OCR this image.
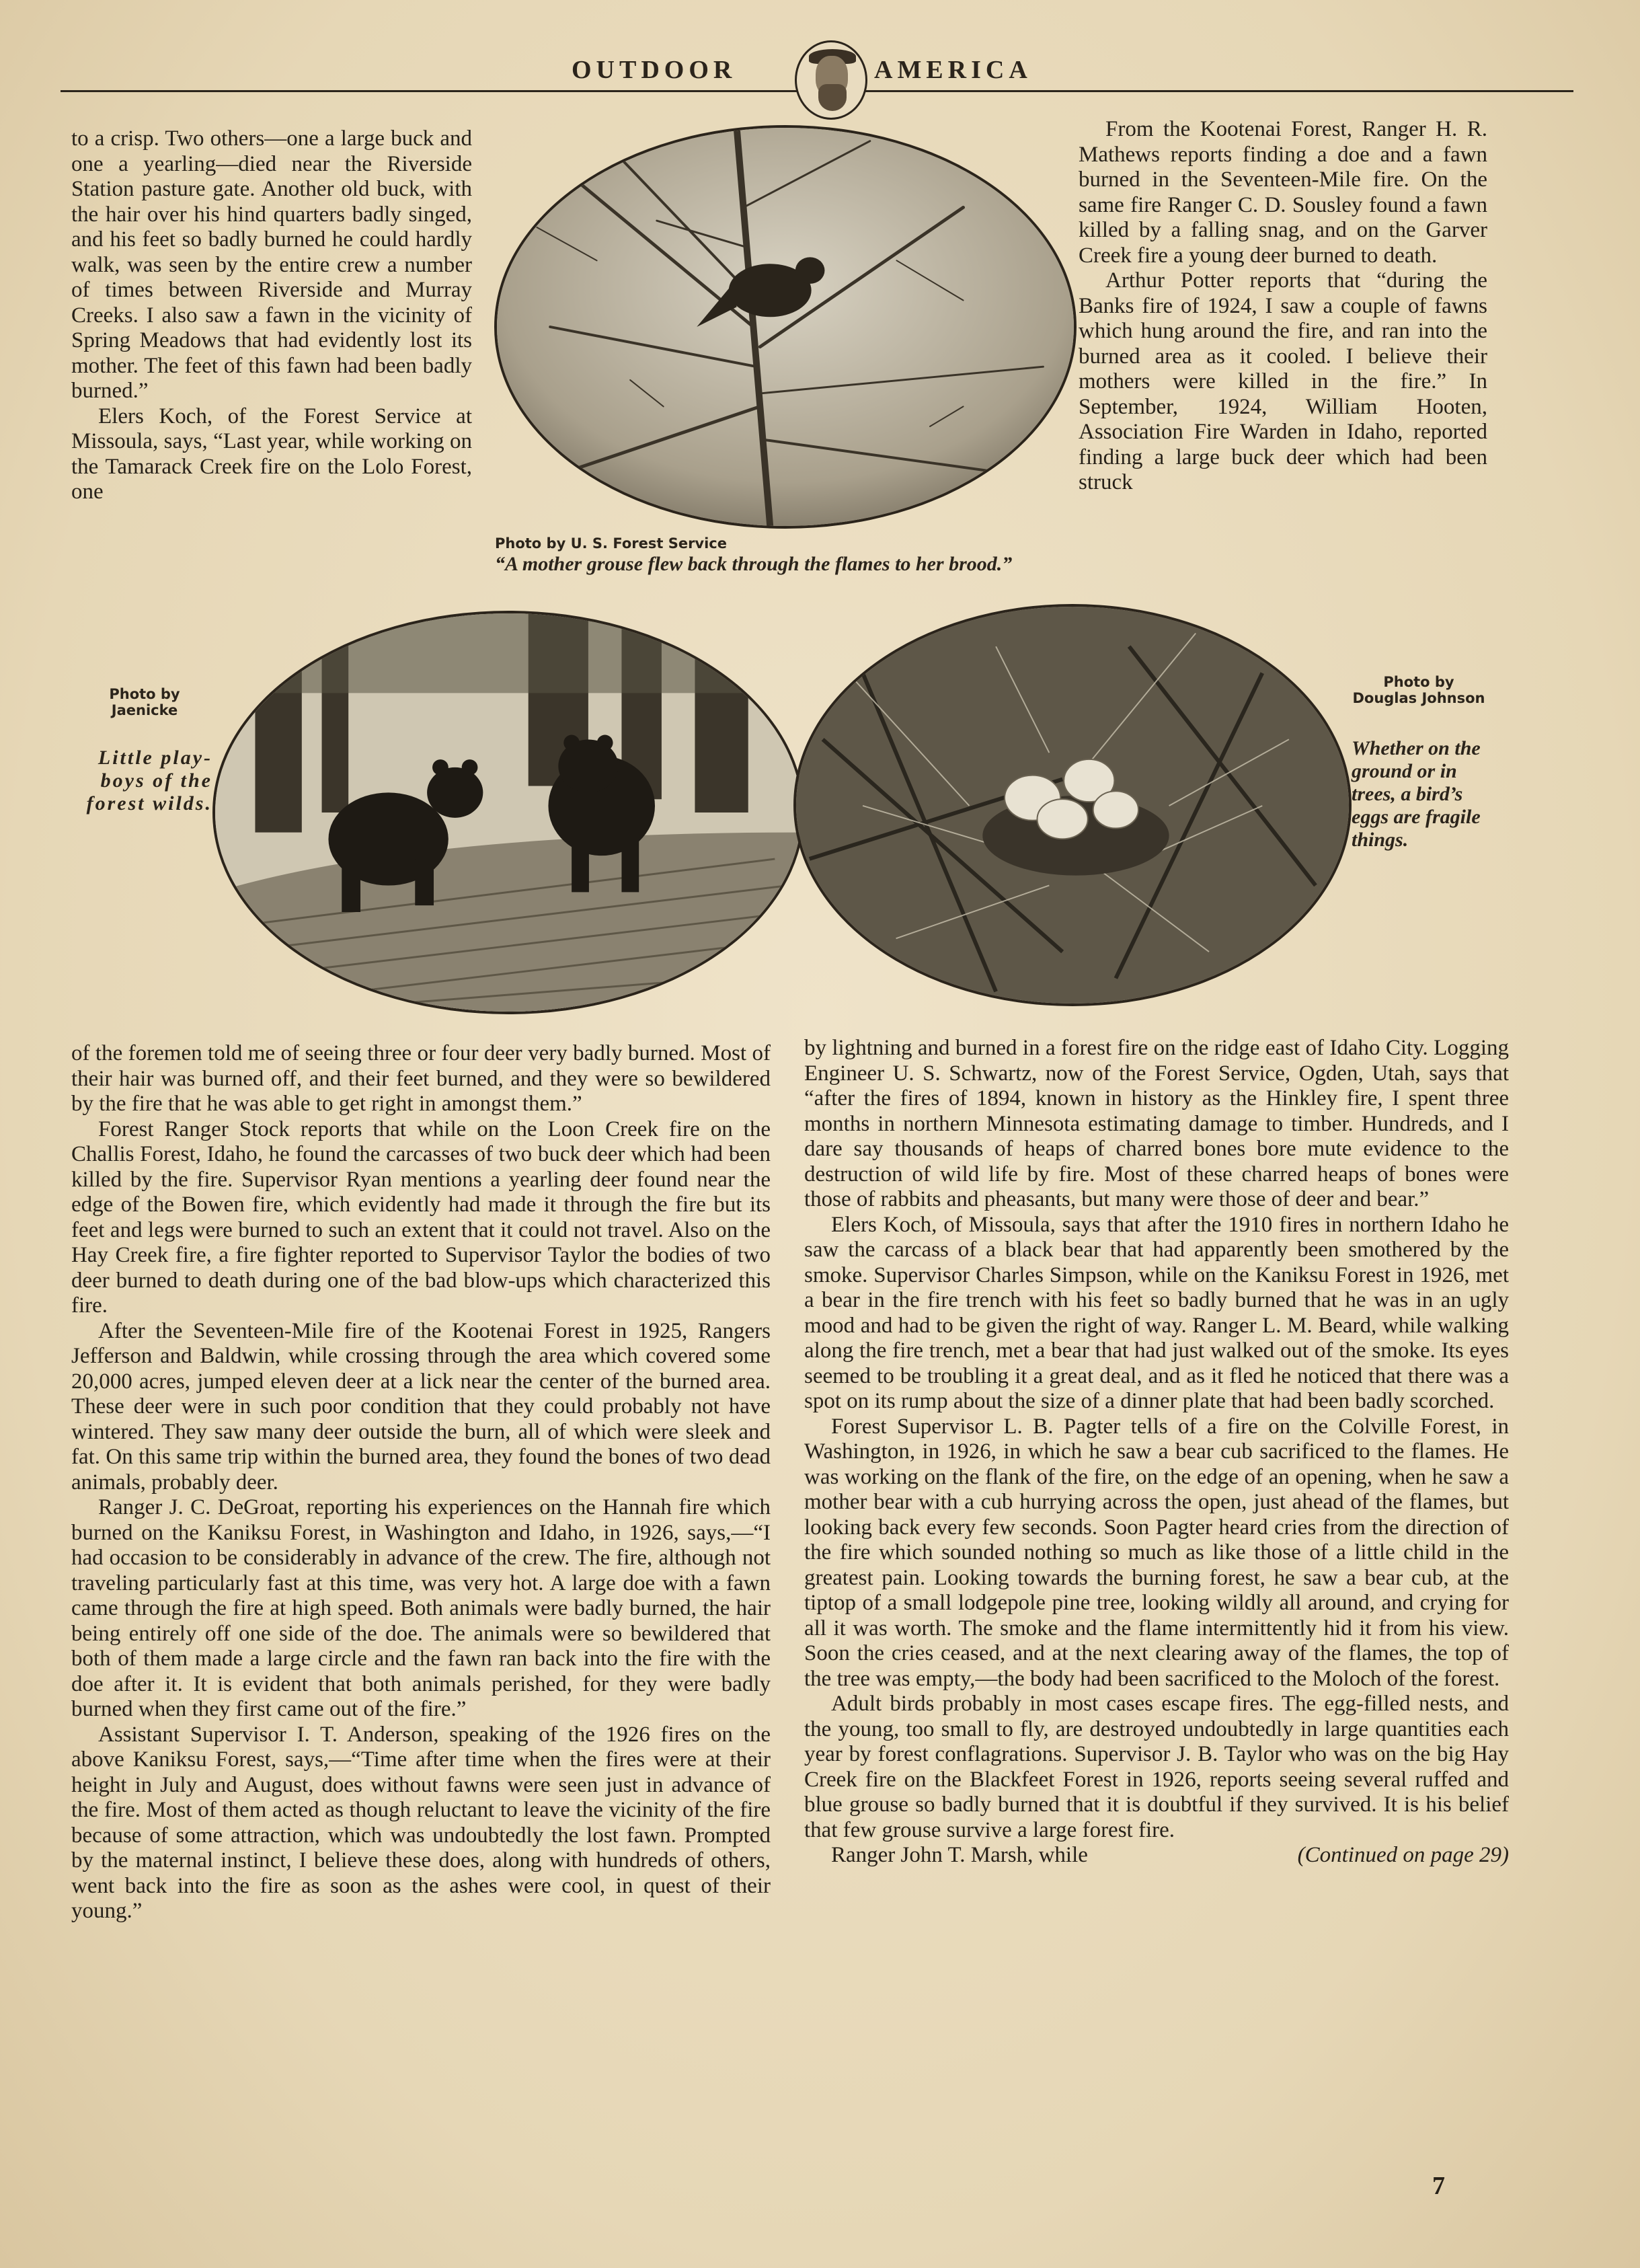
OUTDOOR	AMERICA

to a crisp. Two others—one a large buck and one a yearling—died near the Riverside Station pasture gate. Another old buck, with the hair over his hind quarters badly singed, and his feet so badly burned he could hardly walk, was seen by the entire crew a number of times between Riverside and Murray Creeks. I also saw a fawn in the vicinity of Spring Meadows that had evidently lost its mother. The feet of this fawn had been badly burned.”

Elers Koch, of the Forest Service at Missoula, says, “Last year, while working on the Tamarack Creek fire on the Lolo Forest, one

Photo by U. S. Forest Service
“A mother grouse flew back through the flames to her brood.”

From the Kootenai Forest, Ranger H. R. Mathews reports finding a doe and a fawn burned in the Seventeen-Mile fire. On the same fire Ranger C. D. Sousley found a fawn killed by a falling snag, and on the Garver Creek fire a young deer burned to death.

Arthur Potter reports that “during the Banks fire of 1924, I saw a couple of fawns which hung around the fire, and ran into the burned area as it cooled. I believe their mothers were killed in the fire.” In September, 1924, William Hooten, Association Fire Warden in Idaho, reported finding a large buck deer which had been struck

Photo by Jaenicke
Little play-boys of the forest wilds.
Photo by Douglas Johnson
Whether on the ground or in trees, a bird’s eggs are fragile things.

of the foremen told me of seeing three or four deer very badly burned. Most of their hair was burned off, and their feet burned, and they were so bewildered by the fire that he was able to get right in amongst them.”

Forest Ranger Stock reports that while on the Loon Creek fire on the Challis Forest, Idaho, he found the carcasses of two buck deer which had been killed by the fire. Supervisor Ryan mentions a yearling deer found near the edge of the Bowen fire, which evidently had made it through the fire but its feet and legs were burned to such an extent that it could not travel. Also on the Hay Creek fire, a fire fighter reported to Supervisor Taylor the bodies of two deer burned to death during one of the bad blow-ups which characterized this fire.

After the Seventeen-Mile fire of the Kootenai Forest in 1925, Rangers Jefferson and Baldwin, while crossing through the area which covered some 20,000 acres, jumped eleven deer at a lick near the center of the burned area. These deer were in such poor condition that they could probably not have wintered. They saw many deer outside the burn, all of which were sleek and fat. On this same trip within the burned area, they found the bones of two dead animals, probably deer.

Ranger J. C. DeGroat, reporting his experiences on the Hannah fire which burned on the Kaniksu Forest, in Washington and Idaho, in 1926, says,—“I had occasion to be considerably in advance of the crew. The fire, although not traveling particularly fast at this time, was very hot. A large doe with a fawn came through the fire at high speed. Both animals were badly burned, the hair being entirely off one side of the doe. The animals were so bewildered that both of them made a large circle and the fawn ran back into the fire with the doe after it. It is evident that both animals perished, for they were badly burned when they first came out of the fire.”

Assistant Supervisor I. T. Anderson, speaking of the 1926 fires on the above Kaniksu Forest, says,—“Time after time when the fires were at their height in July and August, does without fawns were seen just in advance of the fire. Most of them acted as though reluctant to leave the vicinity of the fire because of some attraction, which was undoubtedly the lost fawn. Prompted by the maternal instinct, I believe these does, along with hundreds of others, went back into the fire as soon as the ashes were cool, in quest of their young.”

by lightning and burned in a forest fire on the ridge east of Idaho City. Logging Engineer U. S. Schwartz, now of the Forest Service, Ogden, Utah, says that “after the fires of 1894, known in history as the Hinkley fire, I spent three months in northern Minnesota estimating damage to timber. Hundreds, and I dare say thousands of heaps of charred bones bore mute evidence to the destruction of wild life by fire. Most of these charred heaps of bones were those of rabbits and pheasants, but many were those of deer and bear.”

Elers Koch, of Missoula, says that after the 1910 fires in northern Idaho he saw the carcass of a black bear that had apparently been smothered by the smoke. Supervisor Charles Simpson, while on the Kaniksu Forest in 1926, met a bear in the fire trench with his feet so badly burned that he was in an ugly mood and had to be given the right of way. Ranger L. M. Beard, while walking along the fire trench, met a bear that had just walked out of the smoke. Its eyes seemed to be troubling it a great deal, and as it fled he noticed that there was a spot on its rump about the size of a dinner plate that had been badly scorched.

Forest Supervisor L. B. Pagter tells of a fire on the Colville Forest, in Washington, in 1926, in which he saw a bear cub sacrificed to the flames. He was working on the flank of the fire, on the edge of an opening, when he saw a mother bear with a cub hurrying across the open, just ahead of the flames, but looking back every few seconds. Soon Pagter heard cries from the direction of the fire which sounded nothing so much as like those of a little child in the greatest pain. Looking towards the burning forest, he saw a bear cub, at the tiptop of a small lodgepole pine tree, looking wildly all around, and crying for all it was worth. The smoke and the flame intermittently hid it from his view. Soon the cries ceased, and at the next clearing away of the flames, the top of the tree was empty,—the body had been sacrificed to the Moloch of the forest.

Adult birds probably in most cases escape fires. The egg-filled nests, and the young, too small to fly, are destroyed undoubtedly in large quantities each year by forest conflagrations. Supervisor J. B. Taylor who was on the big Hay Creek fire on the Blackfeet Forest in 1926, reports seeing several ruffed and blue grouse so badly burned that it is doubtful if they survived. It is his belief that few grouse survive a large forest fire.

Ranger John T. Marsh, while	(Continued on page 29)

7
